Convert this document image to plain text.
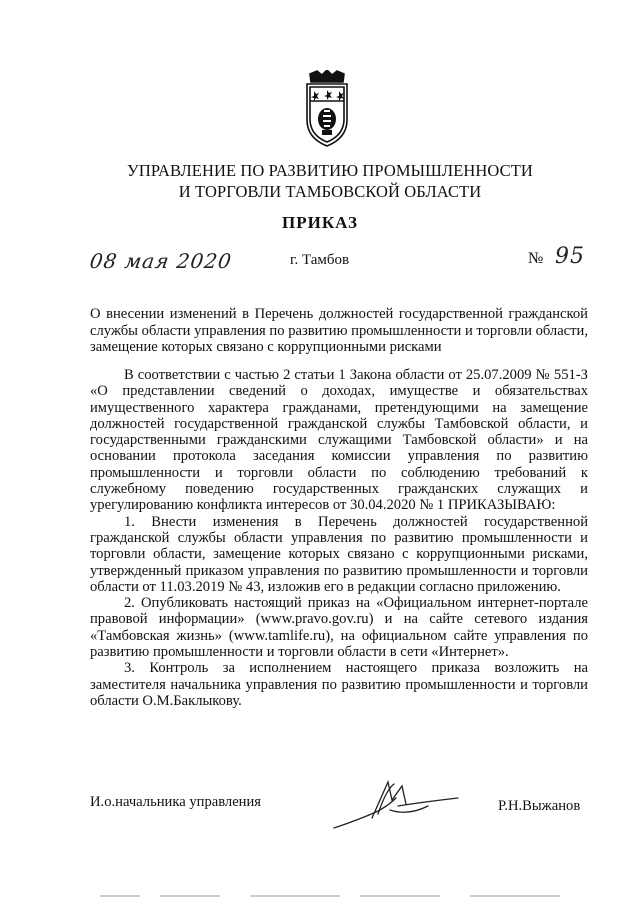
УПРАВЛЕНИЕ ПО РАЗВИТИЮ ПРОМЫШЛЕННОСТИ
И ТОРГОВЛИ ТАМБОВСКОЙ ОБЛАСТИ
ПРИКАЗ
08 мая 2020	г. Тамбов	№ 95
О внесении изменений в Перечень должностей государственной гражданской службы области управления по развитию промышленности и торговли области, замещение которых связано с коррупционными рисками

В соответствии с частью 2 статьи 1 Закона области от 25.07.2009 № 551-З «О представлении сведений о доходах, имуществе и обязательствах имущественного характера гражданами, претендующими на замещение должностей государственной гражданской службы Тамбовской области, и государственными гражданскими служащими Тамбовской области» и на основании протокола заседания комиссии управления по развитию промышленности и торговли области по соблюдению требований к служебному поведению государственных гражданских служащих и урегулированию конфликта интересов от 30.04.2020 № 1 ПРИКАЗЫВАЮ:

1. Внести изменения в Перечень должностей государственной гражданской службы области управления по развитию промышленности и торговли области, замещение которых связано с коррупционными рисками, утвержденный приказом управления по развитию промышленности и торговли области от 11.03.2019 № 43, изложив его в редакции согласно приложению.

2. Опубликовать настоящий приказ на «Официальном интернет-портале правовой информации» (www.pravo.gov.ru) и на сайте сетевого издания «Тамбовская жизнь» (www.tamlife.ru), на официальном сайте управления по развитию промышленности и торговли области в сети «Интернет».

3. Контроль за исполнением настоящего приказа возложить на заместителя начальника управления по развитию промышленности и торговли области О.М.Баклыкову.

И.о.начальника управления	Р.Н.Выжанов
